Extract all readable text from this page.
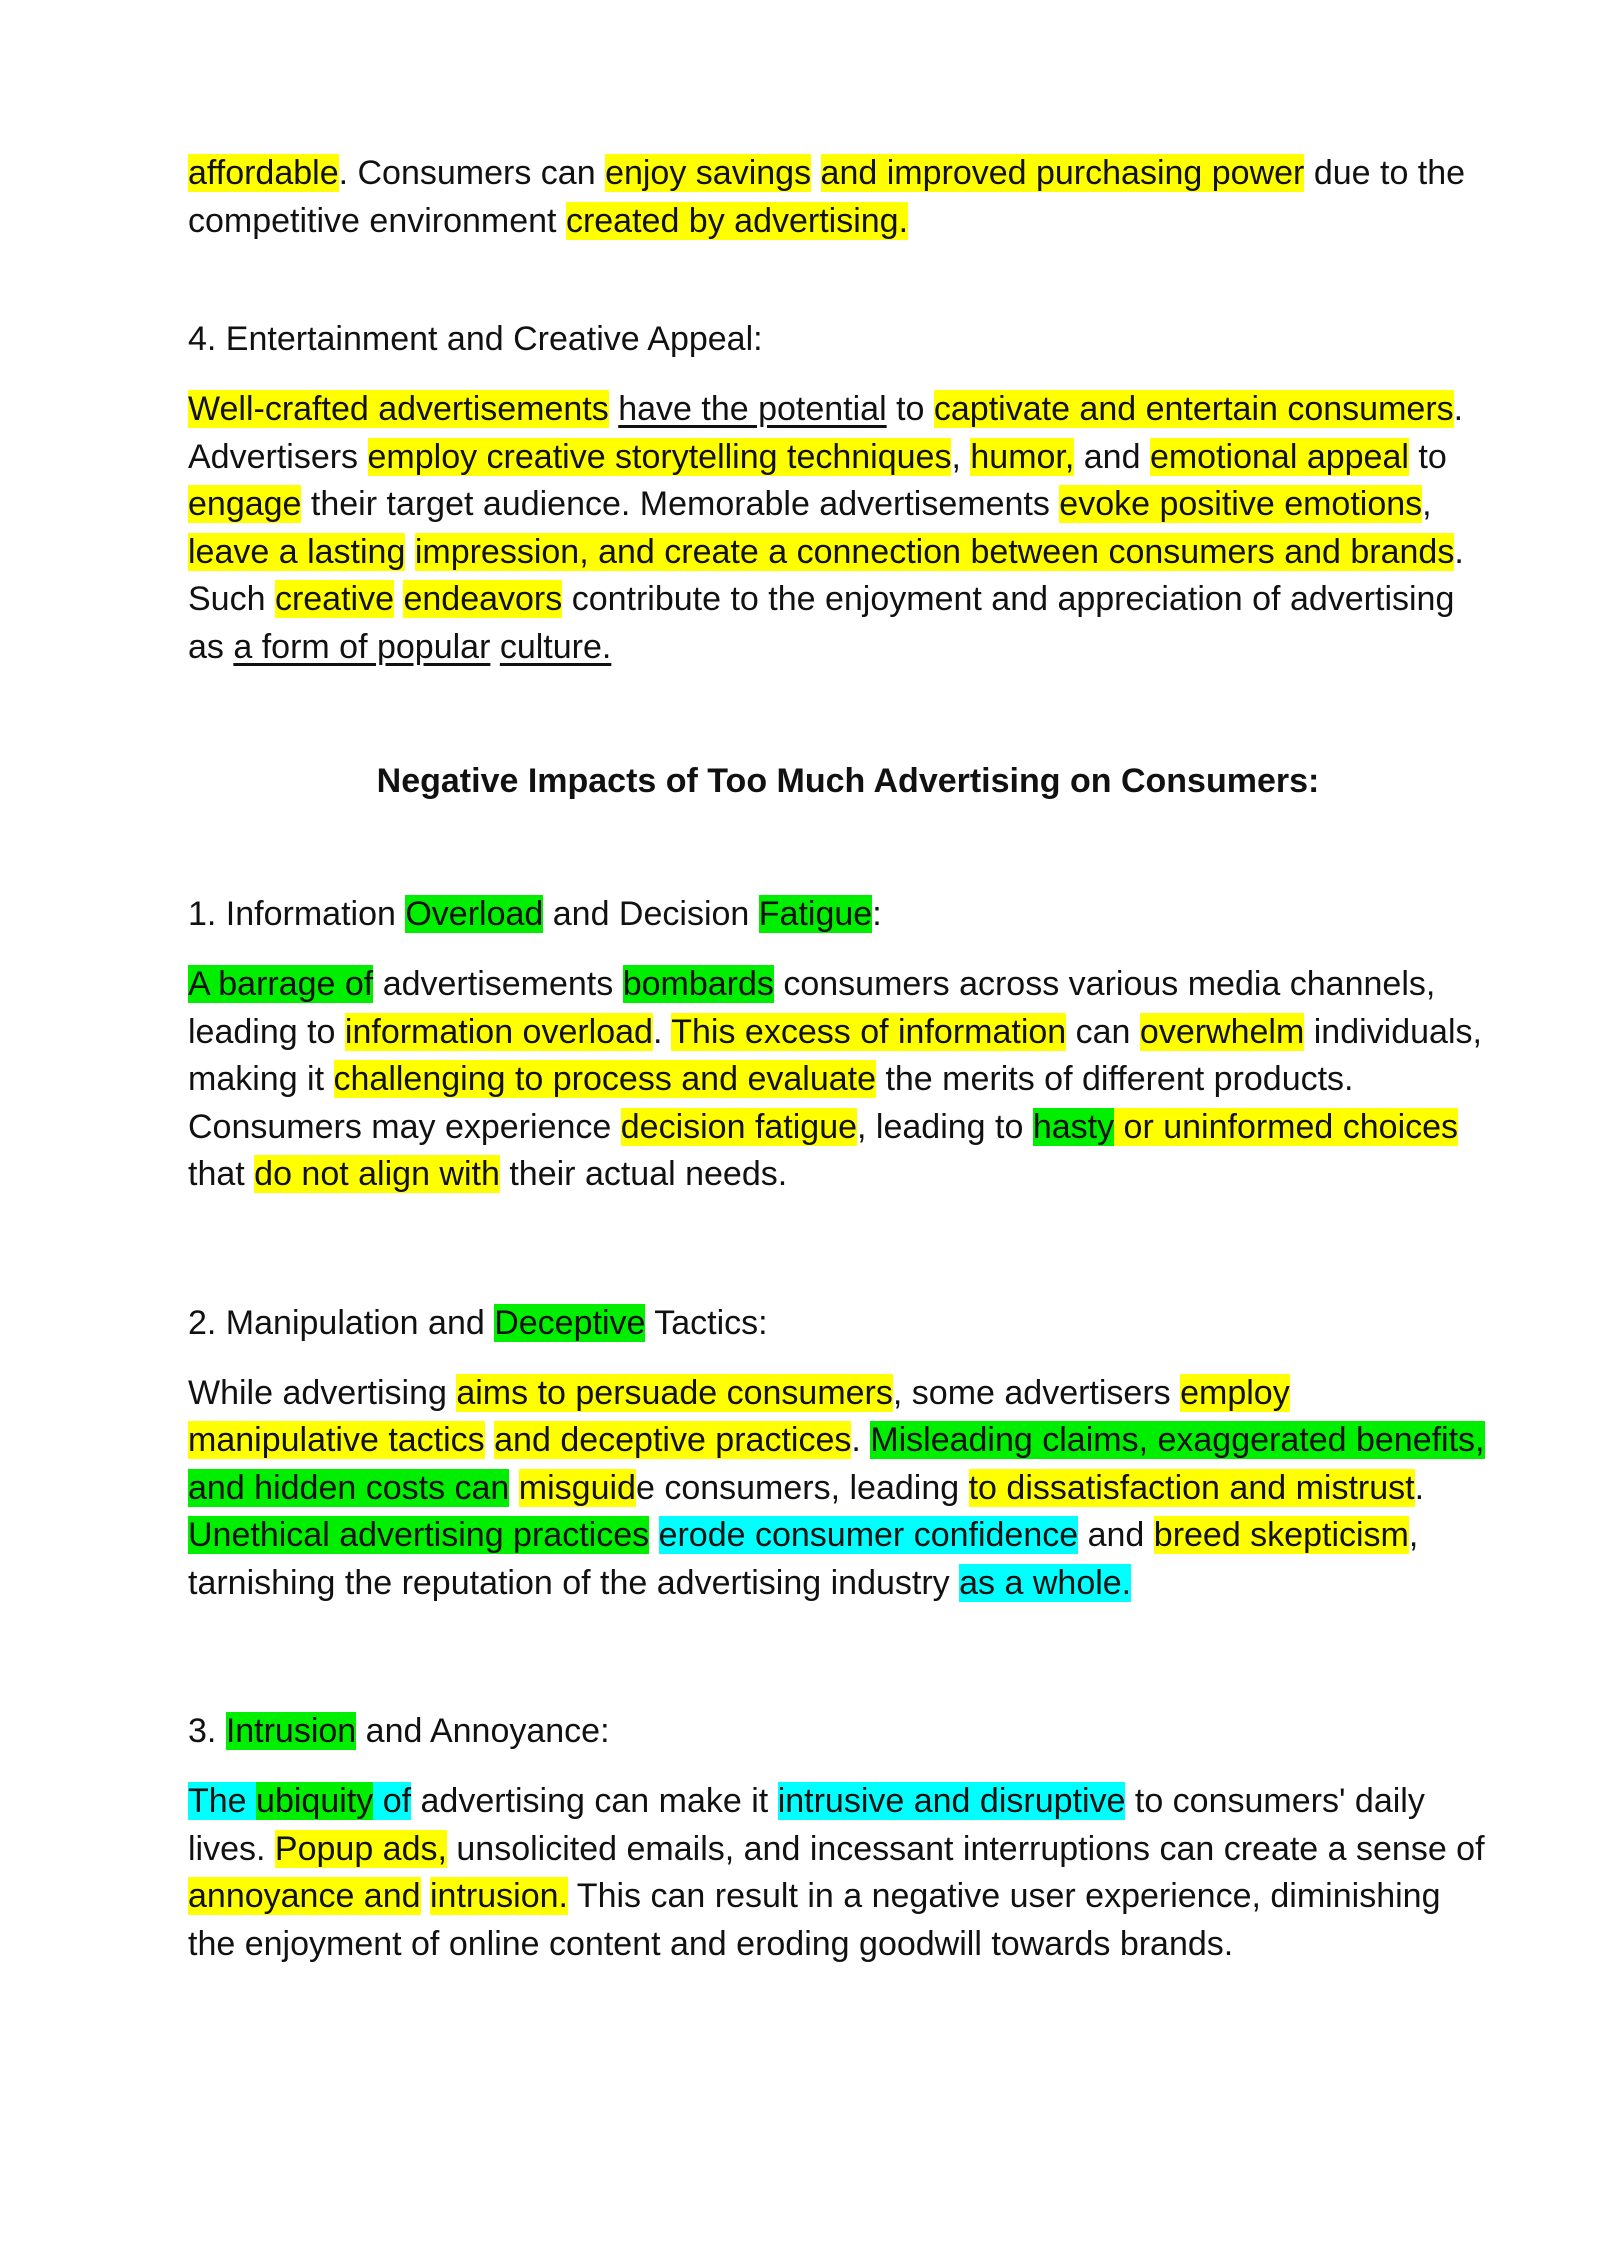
affordable. Consumers can enjoy savings and improved purchasing power due to the competitive environment created by advertising.

4. Entertainment and Creative Appeal:

Well-crafted advertisements have the potential to captivate and entertain consumers. Advertisers employ creative storytelling techniques, humor, and emotional appeal to engage their target audience. Memorable advertisements evoke positive emotions, leave a lasting impression, and create a connection between consumers and brands. Such creative endeavors contribute to the enjoyment and appreciation of advertising as a form of popular culture.

Negative Impacts of Too Much Advertising on Consumers:

1. Information Overload and Decision Fatigue:

A barrage of advertisements bombards consumers across various media channels, leading to information overload. This excess of information can overwhelm individuals, making it challenging to process and evaluate the merits of different products. Consumers may experience decision fatigue, leading to hasty or uninformed choices that do not align with their actual needs.

2. Manipulation and Deceptive Tactics:

While advertising aims to persuade consumers, some advertisers employ manipulative tactics and deceptive practices. Misleading claims, exaggerated benefits, and hidden costs can misguide consumers, leading to dissatisfaction and mistrust. Unethical advertising practices erode consumer confidence and breed skepticism, tarnishing the reputation of the advertising industry as a whole.

3. Intrusion and Annoyance:

The ubiquity of advertising can make it intrusive and disruptive to consumers' daily lives. Popup ads, unsolicited emails, and incessant interruptions can create a sense of annoyance and intrusion. This can result in a negative user experience, diminishing the enjoyment of online content and eroding goodwill towards brands.
